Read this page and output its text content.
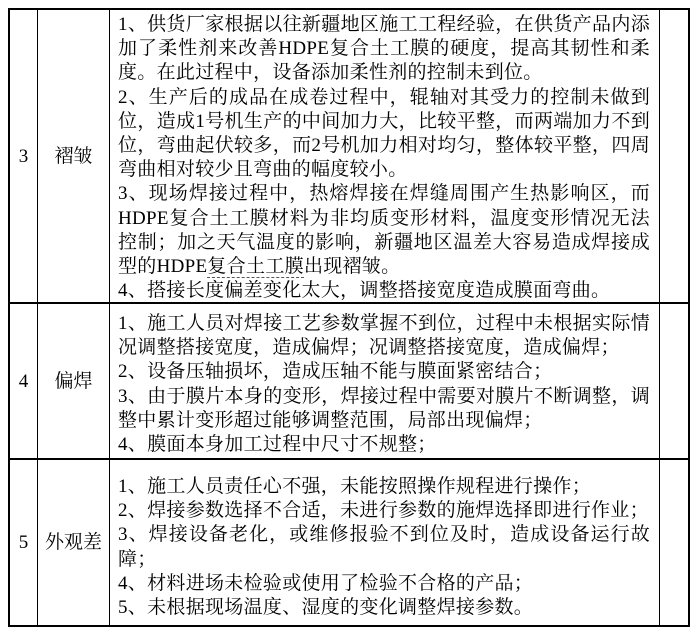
3	褶皱

1、供货厂家根据以往新疆地区施工工程经验，在供货产品内添加了柔性剂来改善HDPE复合土工膜的硬度，提高其韧性和柔度。在此过程中，设备添加柔性剂的控制未到位。

2、生产后的成品在成卷过程中，辊轴对其受力的控制未做到位，造成1号机生产的中间加力大，比较平整，而两端加力不到位，弯曲起伏较多，而2号机加力相对均匀，整体较平整，四周弯曲相对较少且弯曲的幅度较小。

3、现场焊接过程中，热熔焊接在焊缝周围产生热影响区，而HDPE复合土工膜材料为非均质变形材料，温度变形情况无法控制；加之天气温度的影响，新疆地区温差大容易造成焊接成型的HDPE复合土工膜出现褶皱。

4、搭接长度偏差变化太大，调整搭接宽度造成膜面弯曲。

4	偏焊

1、施工人员对焊接工艺参数掌握不到位，过程中未根据实际情况调整搭接宽度，造成偏焊；况调整搭接宽度，造成偏焊；

2、设备压轴损坏，造成压轴不能与膜面紧密结合；

3、由于膜片本身的变形，焊接过程中需要对膜片不断调整，调整中累计变形超过能够调整范围，局部出现偏焊；

4、膜面本身加工过程中尺寸不规整；

5 外观差

1、施工人员责任心不强，未能按照操作规程进行操作；

2、焊接参数选择不合适，未进行参数的施焊选择即进行作业；

3、焊接设备老化，或维修报验不到位及时，造成设备运行故障；

4、材料进场未检验或使用了检验不合格的产品；

5、未根据现场温度、湿度的变化调整焊接参数。
